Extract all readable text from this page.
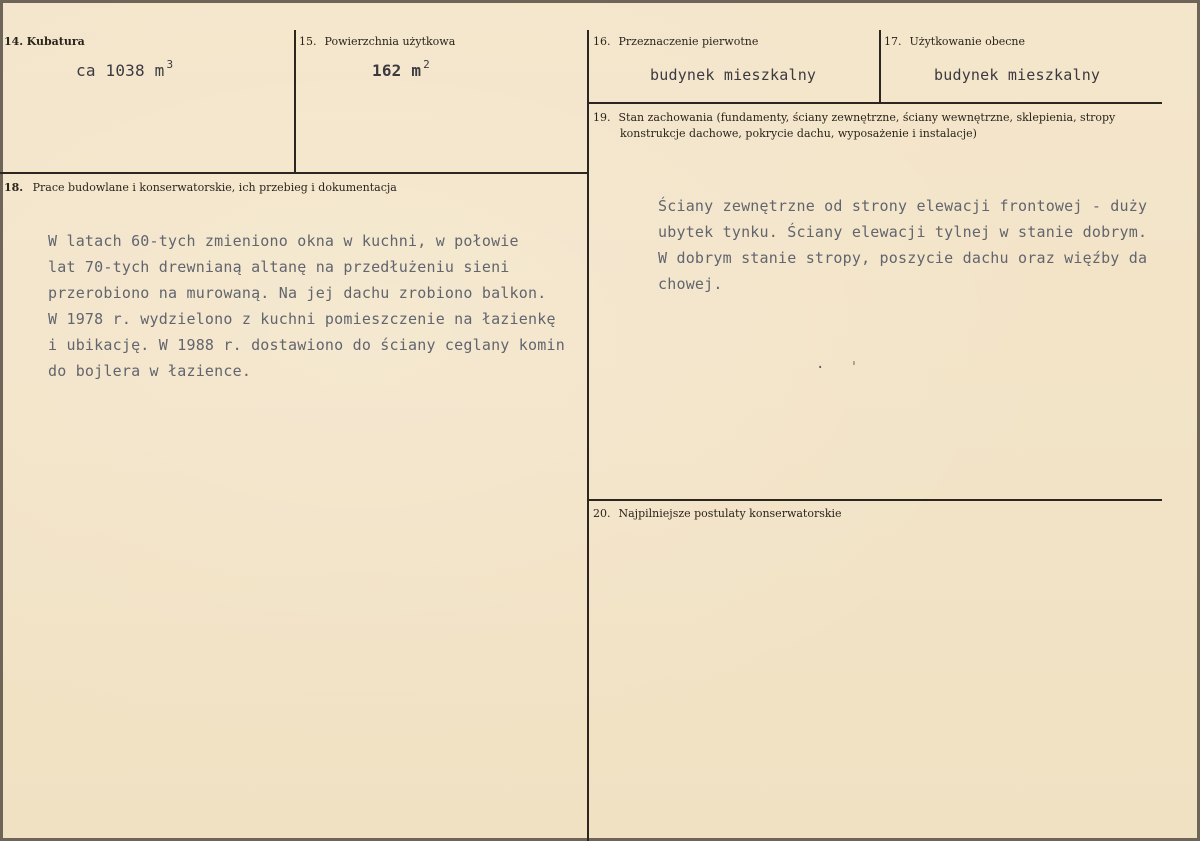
14. Kubatura
ca 1038 m $^3$
15. Powierzchnia użytkowa
162 m $^2$
16. Przeznaczenie pierwotne
budynek mieszkalny
17. Użytkowanie obecne
budynek mieszkalny
18. Prace budowlane i konserwatorskie, ich przebieg i dokumentacja
W latach 60-tych zmieniono okna w kuchni, w połowie
lat 70-tych drewnianą altanę na przedłużeniu sieni
przerobiono na murowaną. Na jej dachu zrobiono balkon.
W 1978 r. wydzielono z kuchni pomieszczenie na łazienkę
i ubikację. W 1988 r. dostawiono do ściany ceglany komin
do bojlera w łazience.
19. Stan zachowania (fundamenty, ściany zewnętrzne, ściany wewnętrzne, sklepienia, stropy
konstrukcje dachowe, pokrycie dachu, wyposażenie i instalacje)
Ściany zewnętrzne od strony elewacji frontowej - duży
ubytek tynku. Ściany elewacji tylnej w stanie dobrym.
W dobrym stanie stropy, poszycie dachu oraz więźby da
chowej.
·   ˈ
20. Najpilniejsze postulaty konserwatorskie
